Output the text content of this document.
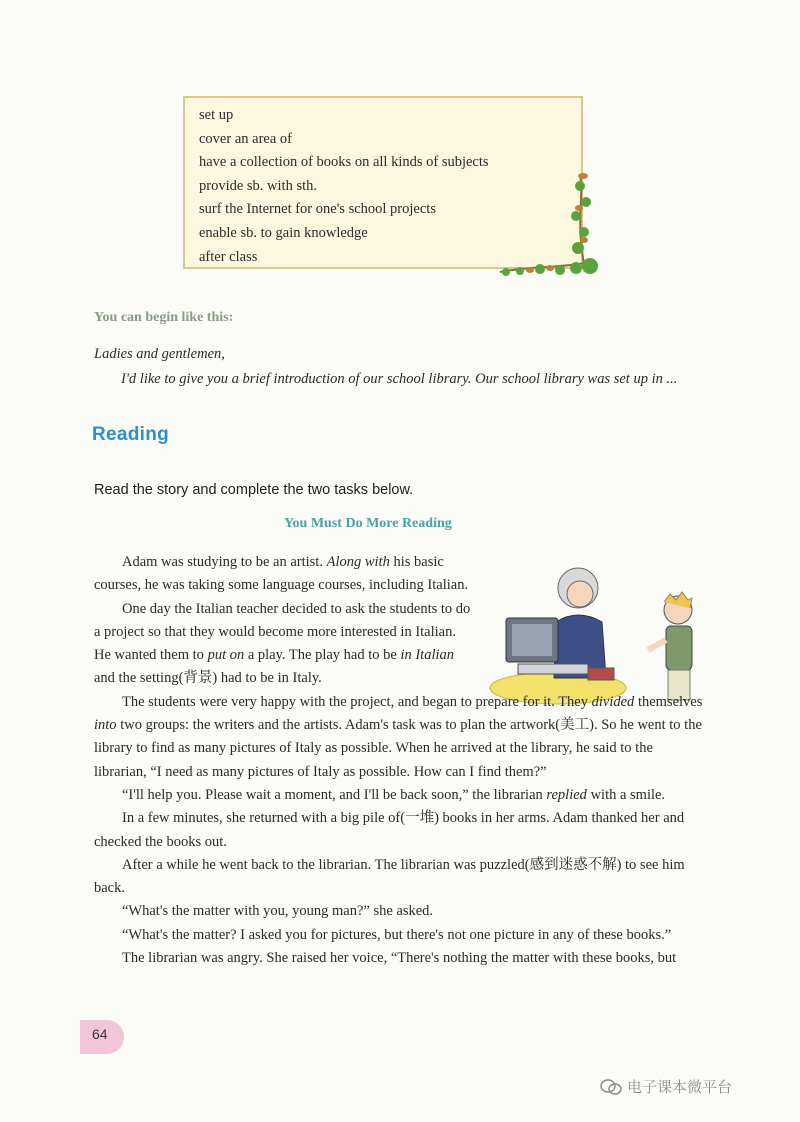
set up
cover an area of
have a collection of books on all kinds of subjects
provide sb. with sth.
surf the Internet for one's school projects
enable sb. to gain knowledge
after class
You can begin like this:
Ladies and gentlemen,
I'd like to give you a brief introduction of our school library. Our school library was set up in ...
Reading
Read the story and complete the two tasks below.
You Must Do More Reading

Adam was studying to be an artist. Along with his basic courses, he was taking some language courses, including Italian.

One day the Italian teacher decided to ask the students to do a project so that they would become more interested in Italian. He wanted them to put on a play. The play had to be in Italian and the setting(背景) had to be in Italy.

The students were very happy with the project, and began to prepare for it. They divided themselves into two groups: the writers and the artists. Adam's task was to plan the artwork(美工). So he went to the library to find as many pictures of Italy as possible. When he arrived at the library, he said to the librarian, “I need as many pictures of Italy as possible. How can I find them?”

“I'll help you. Please wait a moment, and I'll be back soon,” the librarian replied with a smile.

In a few minutes, she returned with a big pile of(一堆) books in her arms. Adam thanked her and checked the books out.

After a while he went back to the librarian. The librarian was puzzled(感到迷惑不解) to see him back.

“What's the matter with you, young man?” she asked.

“What's the matter? I asked you for pictures, but there's not one picture in any of these books.”

The librarian was angry. She raised her voice, “There's nothing the matter with these books, but

64
电子课本微平台
